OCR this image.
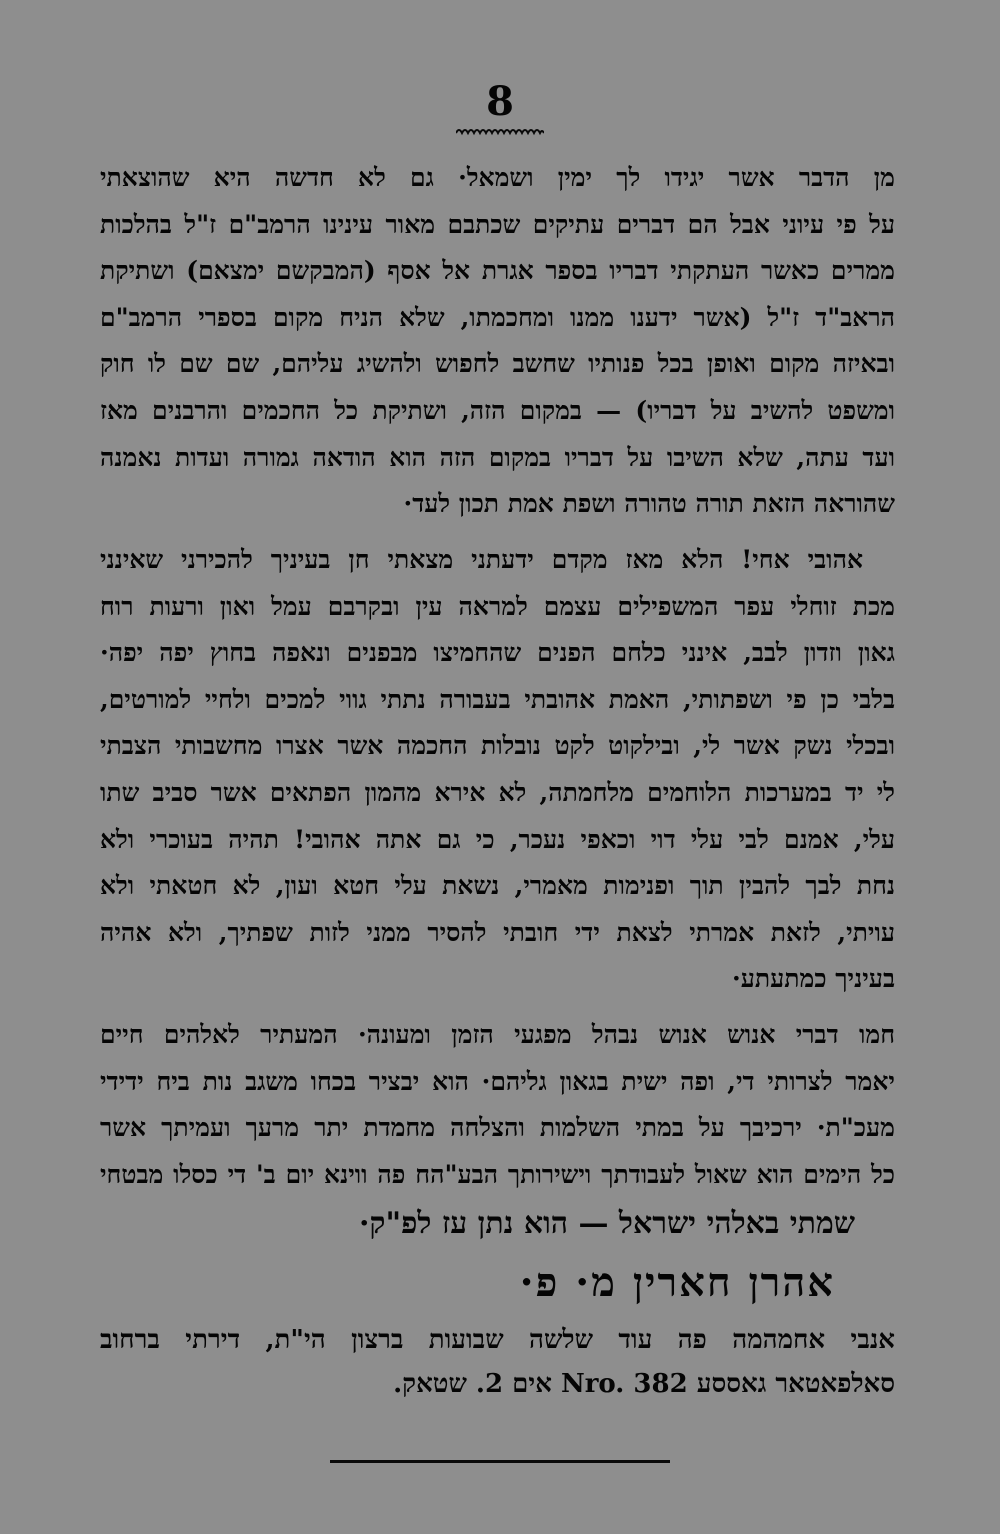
8
מן הדבר אשר יגידו לך ימין ושמאל· גם לא חדשה היא שהוצאתי
על פי עיוני אבל הם דברים עתיקים שכתבם מאור עינינו הרמב"ם ז"ל בהלכות
ממרים כאשר העתקתי דבריו בספר אגרת אל אסף (המבקשם ימצאם) ושתיקת
הראב"ד ז"ל (אשר ידענו ממנו ומחכמתו, שלא הניח מקום בספרי הרמב"ם
ובאיזה מקום ואופן בכל פנותיו שחשב לחפוש ולהשיג עליהם, שם שם לו חוק
ומשפט להשיב על דבריו) — במקום הזה, ושתיקת כל החכמים והרבנים מאז
ועד עתה, שלא השיבו על דבריו במקום הזה הוא הודאה גמורה ועדות נאמנה
שהוראה הזאת תורה טהורה ושפת אמת תכון לעד·
אהובי אחי! הלא מאז מקדם ידעתני מצאתי חן בעיניך להכירני שאינני
מכת זוחלי עפר המשפילים עצמם למראה עין ובקרבם עמל ואון ורעות רוח
גאון וזדון לבב, אינני כלחם הפנים שהחמיצו מבפנים ונאפה בחוץ יפה יפה·
בלבי כן פי ושפתותי, האמת אהובתי בעבורה נתתי גווי למכים ולחיי למורטים,
ובכלי נשק אשר לי, ובילקוט לקט נובלות החכמה אשר אצרו מחשבותי הצבתי
לי יד במערכות הלוחמים מלחמתה, לא אירא מהמון הפתאים אשר סביב שתו
עלי, אמנם לבי עלי דוי וכאפי נעכר, כי גם אתה אהובי! תהיה בעוכרי ולא
נחת לבך להבין תוך ופנימות מאמרי, נשאת עלי חטא ועון, לא חטאתי ולא
עויתי, לזאת אמרתי לצאת ידי חובתי להסיר ממני לזות שפתיך, ולא אהיה
בעיניך כמתעתע·
חמו דברי אנוש אנוש נבהל מפגעי הזמן ומעונה· המעתיר לאלהים חיים
יאמר לצרותי די, ופה ישית בגאון גליהם· הוא יבציר בכחו משגב נות ביח ידידי
מעכ"ת· ירכיבך על במתי השלמות והצלחה מחמדת יתר מרעך ועמיתך אשר
כל הימים הוא שאול לעבודתך וישירותך הבע"הח פה ווינא יום ב' די כסלו מבטחי
שמתי באלהי ישראל — הוא נתן עז לפ"ק·
אהרן חארין מ· פ·
אנבי אחמהמה פה עוד שלשה שבועות ברצון הי"ת, דירתי ברחוב
סאלפאטאר גאססע Nro. 382 אים 2. שטאק.
